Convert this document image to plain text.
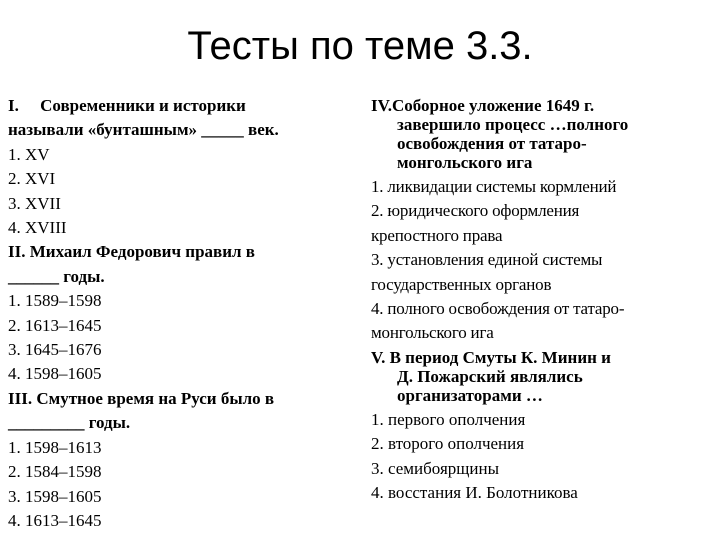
Тесты по теме 3.3.
I.     Современники и историки
называли «бунташным» _____ век.
1. XV
2. XVI
3. XVII
4. XVIII
II. Михаил Федорович правил в
______ годы.
1. 1589–1598
2. 1613–1645
3. 1645–1676
4. 1598–1605
III. Смутное время на Руси было в
_________ годы.
1. 1598–1613
2. 1584–1598
3. 1598–1605
4. 1613–1645
IV.Соборное уложение 1649 г.
завершило процесс …полного
освобождения от татаро-
монгольского ига
1. ликвидации системы кормлений
2. юридического оформления
крепостного права
3. установления единой системы
государственных органов
4. полного освобождения от татаро-
монгольского ига
V. В период Смуты К. Минин и
Д. Пожарский являлись
организаторами …
1. первого ополчения
2. второго ополчения
3. семибоярщины
4. восстания И. Болотникова
